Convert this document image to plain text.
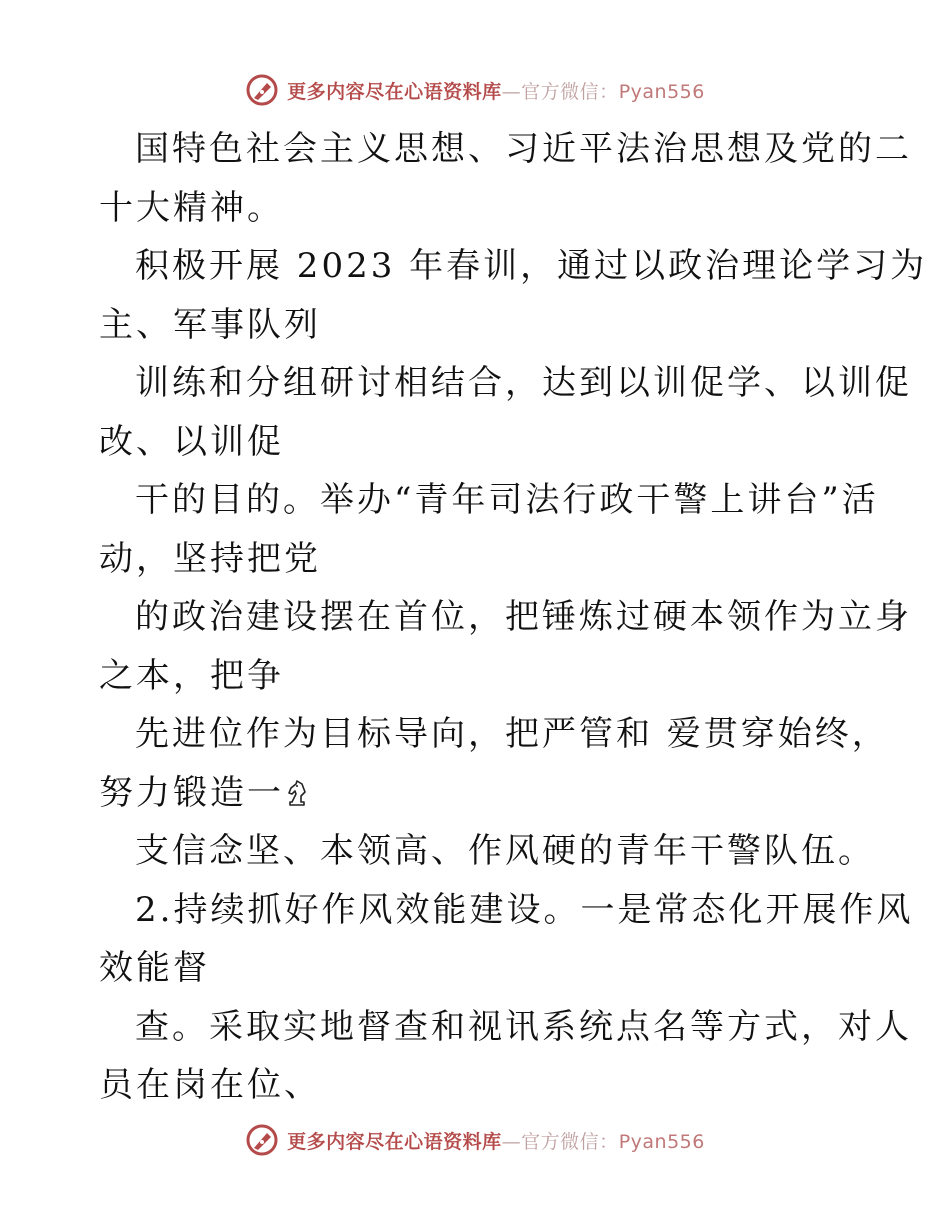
更多内容尽在心语资料库—官方微信：Pyan556
国特色社会主义思想、习近平法治思想及党的二
十大精神。
积极开展 2023 年春训，通过以政治理论学习为
主、军事队列
训练和分组研讨相结合，达到以训促学、以训促
改、以训促
干的目的。举办“青年司法行政干警上讲台”活
动，坚持把党
的政治建设摆在首位，把锤炼过硬本领作为立身
之本，把争
先进位作为目标导向，把严管和 爱贯穿始终，
努力锻造一
支信念坚、本领高、作风硬的青年干警队伍。
2.持续抓好作风效能建设。一是常态化开展作风
效能督
查。采取实地督查和视讯系统点名等方式，对人
员在岗在位、
更多内容尽在心语资料库—官方微信：Pyan556
